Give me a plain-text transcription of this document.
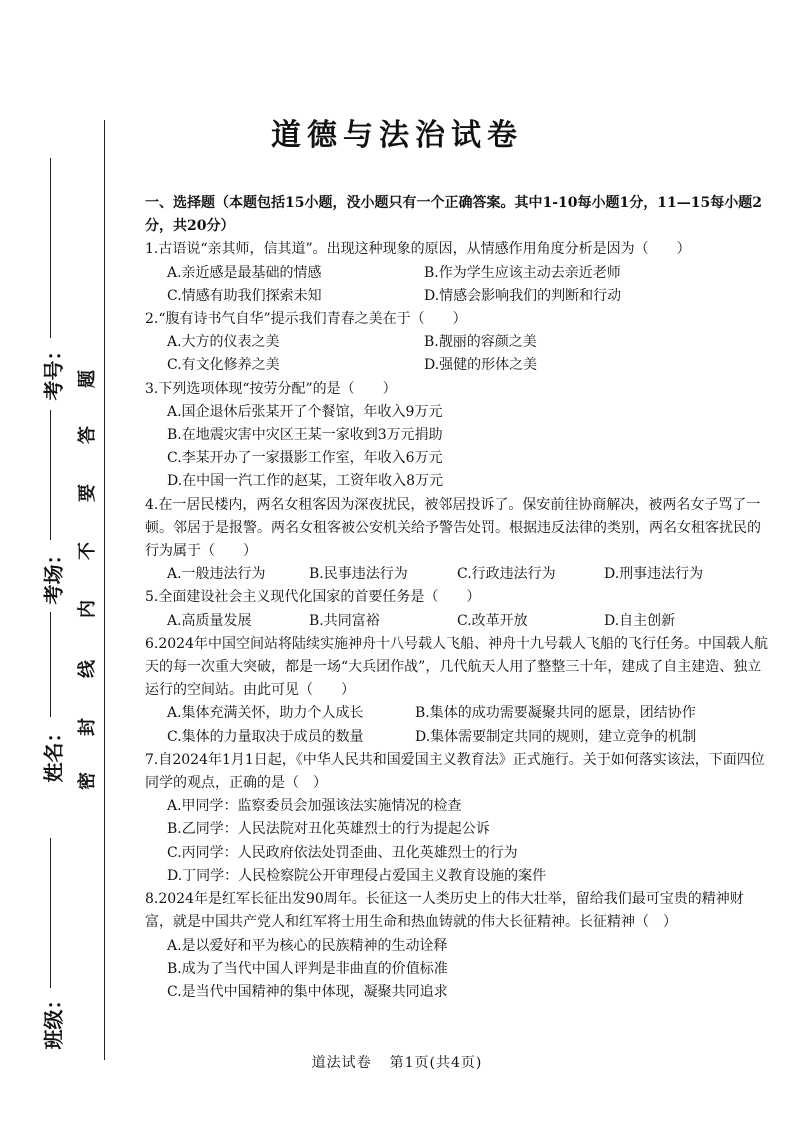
考号：
考场：
姓名：
班级：
密
封
线
内
不
要
答
题
道德与法治试卷
一、选择题（本题包括15小题，没小题只有一个正确答案。其中1-10每小题1分，11—15每小题2分，共20分）
1.古语说“亲其师，信其道”。出现这种现象的原因，从情感作用角度分析是因为（　　）
A.亲近感是最基础的情感	B.作为学生应该主动去亲近老师
C.情感有助我们探索未知	D.情感会影响我们的判断和行动
2.“腹有诗书气自华”提示我们青春之美在于（　　）
A.大方的仪表之美	B.靓丽的容颜之美
C.有文化修养之美	D.强健的形体之美
3.下列选项体现“按劳分配”的是（　　）
A.国企退休后张某开了个餐馆，年收入9万元
B.在地震灾害中灾区王某一家收到3万元捐助
C.李某开办了一家摄影工作室，年收入6万元
D.在中国一汽工作的赵某，工资年收入8万元
4.在一居民楼内，两名女租客因为深夜扰民，被邻居投诉了。保安前往协商解决，被两名女子骂了一顿。邻居于是报警。两名女租客被公安机关给予警告处罚。根据违反法律的类别，两名女租客扰民的行为属于（　　）
A.一般违法行为	B.民事违法行为	C.行政违法行为	D.刑事违法行为
5.全面建设社会主义现代化国家的首要任务是（　　）
A.高质量发展	B.共同富裕	C.改革开放	D.自主创新
6.2024年中国空间站将陆续实施神舟十八号载人飞船、神舟十九号载人飞船的飞行任务。中国载人航天的每一次重大突破，都是一场“大兵团作战”，几代航天人用了整整三十年，建成了自主建造、独立运行的空间站。由此可见（　　）
A.集体充满关怀，助力个人成长	B.集体的成功需要凝聚共同的愿景，团结协作
C.集体的力量取决于成员的数量	D.集体需要制定共同的规则，建立竞争的机制
7.自2024年1月1日起，《中华人民共和国爱国主义教育法》正式施行。关于如何落实该法，下面四位同学的观点，正确的是（　）
A.甲同学：监察委员会加强该法实施情况的检查
B.乙同学：人民法院对丑化英雄烈士的行为提起公诉
C.丙同学：人民政府依法处罚歪曲、丑化英雄烈士的行为
D.丁同学：人民检察院公开审理侵占爱国主义教育设施的案件
8.2024年是红军长征出发90周年。长征这一人类历史上的伟大壮举，留给我们最可宝贵的精神财富，就是中国共产党人和红军将士用生命和热血铸就的伟大长征精神。长征精神（　）
A.是以爱好和平为核心的民族精神的生动诠释
B.成为了当代中国人评判是非曲直的价值标准
C.是当代中国精神的集中体现，凝聚共同追求
道法试卷 第1页(共4页)
